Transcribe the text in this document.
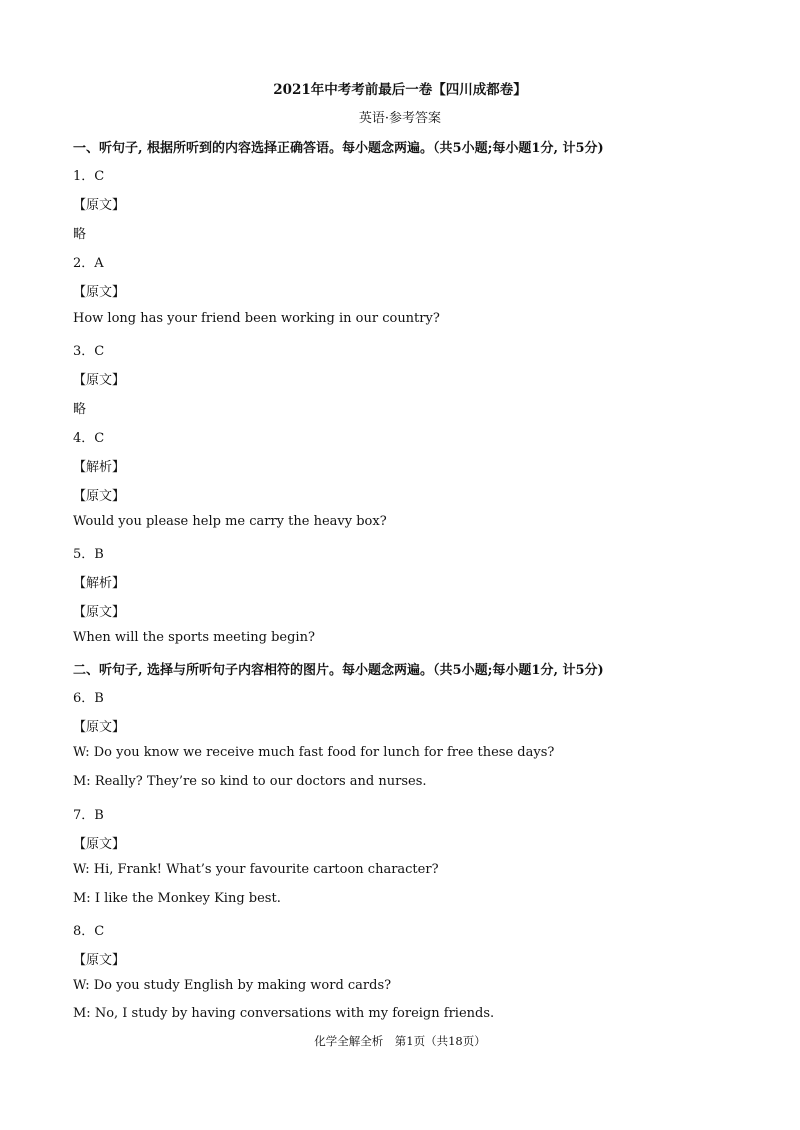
2021年中考考前最后一卷【四川成都卷】
英语·参考答案
一、听句子, 根据所听到的内容选择正确答语。每小题念两遍。（共5小题;每小题1分, 计5分)
1．C
【原文】
略
2．A
【原文】
How long has your friend been working in our country?
3．C
【原文】
略
4．C
【解析】
【原文】
Would you please help me carry the heavy box?
5．B
【解析】
【原文】
When will the sports meeting begin?
二、听句子, 选择与所听句子内容相符的图片。每小题念两遍。（共5小题;每小题1分, 计5分)
6．B
【原文】
W: Do you know we receive much fast food for lunch for free these days?
M: Really? They’re so kind to our doctors and nurses.
7．B
【原文】
W: Hi, Frank! What’s your favourite cartoon character?
M: I like the Monkey King best.
8．C
【原文】
W: Do you study English by making word cards?
M: No, I study by having conversations with my foreign friends.
化学全解全析　第1页（共18页）
